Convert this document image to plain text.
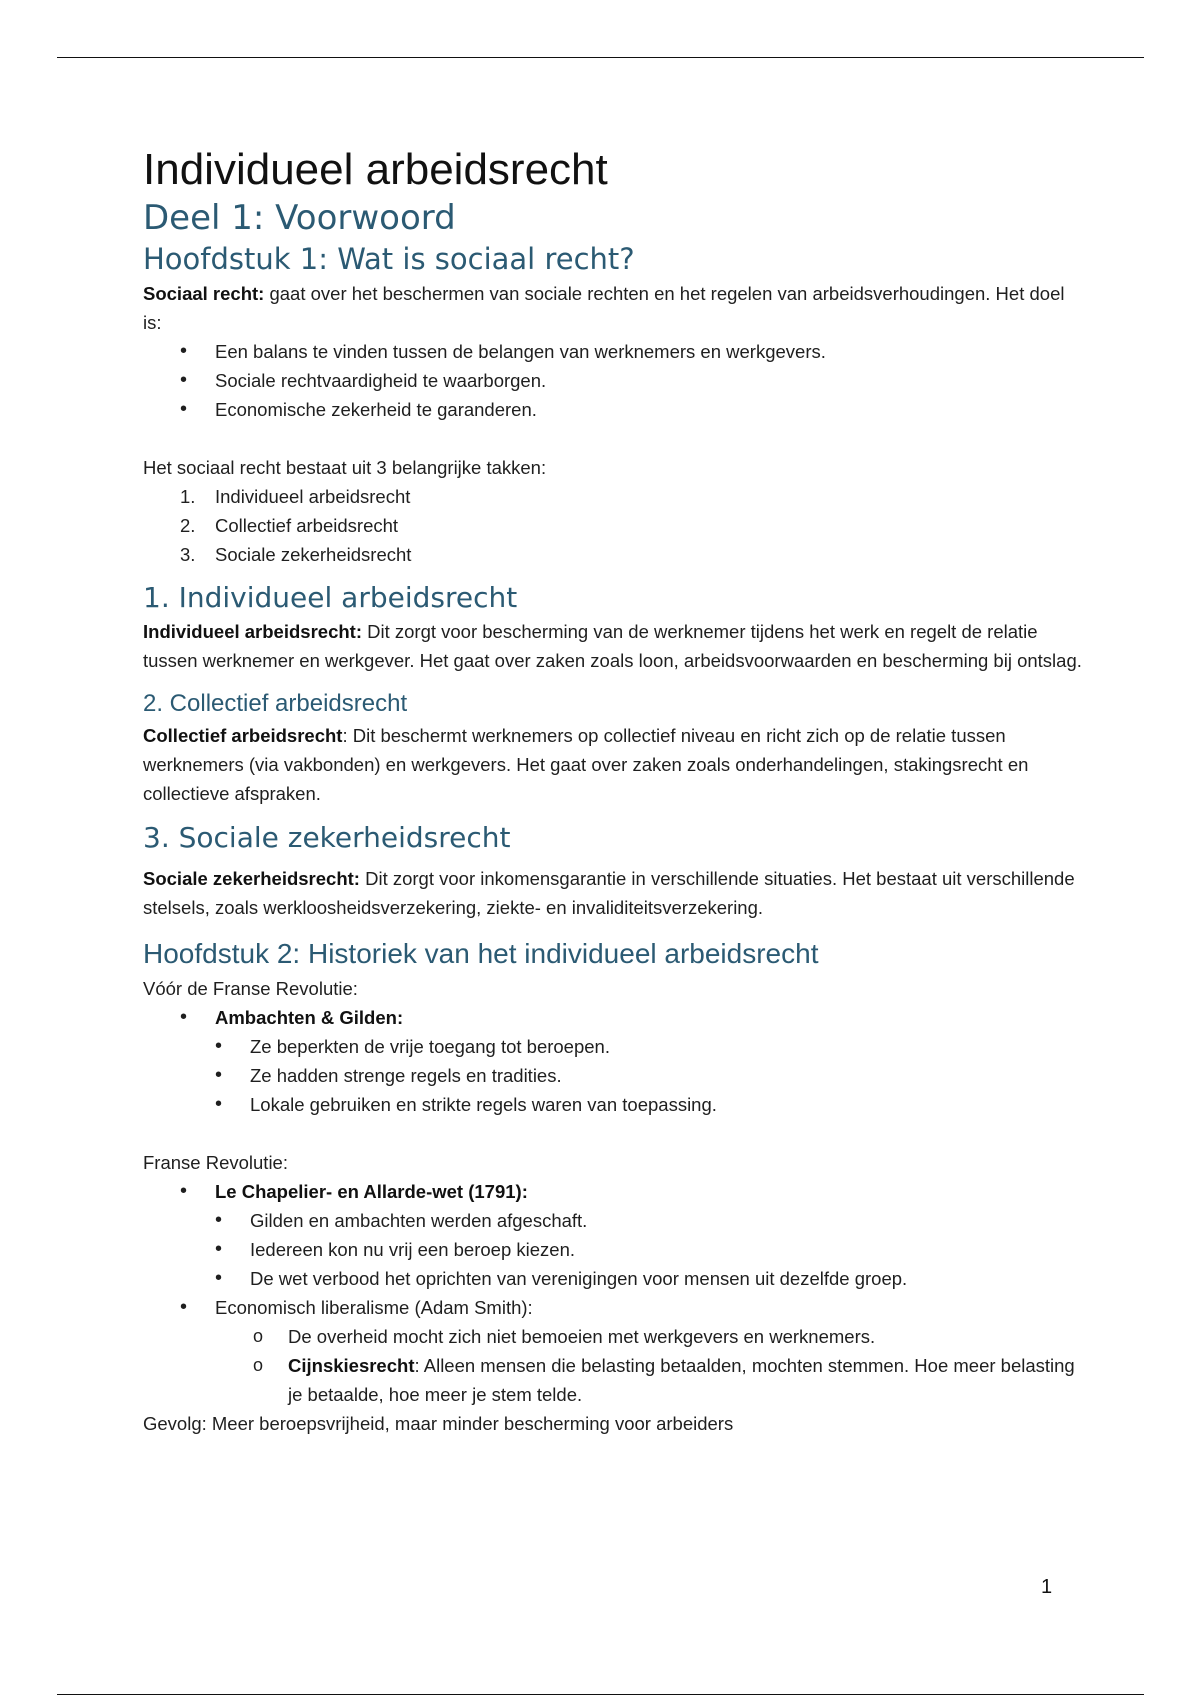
Individueel arbeidsrecht
Deel 1: Voorwoord
Hoofdstuk 1: Wat is sociaal recht?

Sociaal recht: gaat over het beschermen van sociale rechten en het regelen van arbeidsverhoudingen. Het doel is:

• Een balans te vinden tussen de belangen van werknemers en werkgevers.
• Sociale rechtvaardigheid te waarborgen.
• Economische zekerheid te garanderen.

Het sociaal recht bestaat uit 3 belangrijke takken:

1. Individueel arbeidsrecht
2. Collectief arbeidsrecht
3. Sociale zekerheidsrecht
1. Individueel arbeidsrecht

Individueel arbeidsrecht: Dit zorgt voor bescherming van de werknemer tijdens het werk en regelt de relatie tussen werknemer en werkgever. Het gaat over zaken zoals loon, arbeidsvoorwaarden en bescherming bij ontslag.

2. Collectief arbeidsrecht

Collectief arbeidsrecht: Dit beschermt werknemers op collectief niveau en richt zich op de relatie tussen werknemers (via vakbonden) en werkgevers. Het gaat over zaken zoals onderhandelingen, stakingsrecht en collectieve afspraken.

3. Sociale zekerheidsrecht

Sociale zekerheidsrecht: Dit zorgt voor inkomensgarantie in verschillende situaties. Het bestaat uit verschillende stelsels, zoals werkloosheidsverzekering, ziekte- en invaliditeitsverzekering.

Hoofdstuk 2: Historiek van het individueel arbeidsrecht

Vóór de Franse Revolutie:

• Ambachten & Gilden:
• Ze beperkten de vrije toegang tot beroepen.
• Ze hadden strenge regels en tradities.
• Lokale gebruiken en strikte regels waren van toepassing.

Franse Revolutie:

• Le Chapelier- en Allarde-wet (1791):
• Gilden en ambachten werden afgeschaft.
• Iedereen kon nu vrij een beroep kiezen.
• De wet verbood het oprichten van verenigingen voor mensen uit dezelfde groep.
• Economisch liberalisme (Adam Smith):
o De overheid mocht zich niet bemoeien met werkgevers en werknemers.
o Cijnskiesrecht: Alleen mensen die belasting betaalden, mochten stemmen. Hoe meer belasting je betaalde, hoe meer je stem telde.

Gevolg: Meer beroepsvrijheid, maar minder bescherming voor arbeiders

1
